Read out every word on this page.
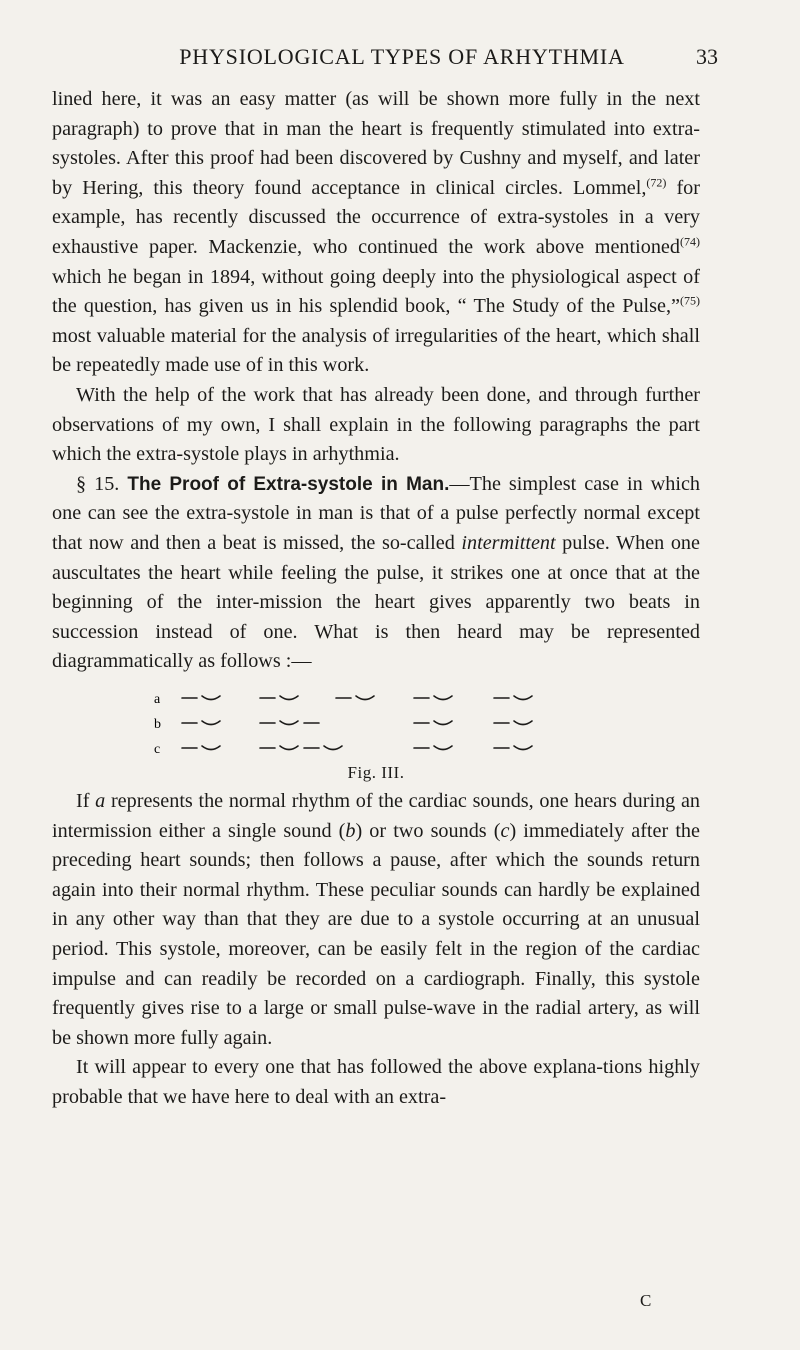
PHYSIOLOGICAL TYPES OF ARHYTHMIA	33

lined here, it was an easy matter (as will be shown more fully in the next paragraph) to prove that in man the heart is frequently stimulated into extra-systoles. After this proof had been discovered by Cushny and myself, and later by Hering, this theory found acceptance in clinical circles. Lommel,$^{(72)}$ for example, has recently discussed the occurrence of extra-systoles in a very exhaustive paper. Mackenzie, who continued the work above mentioned$^{(74)}$ which he began in 1894, without going deeply into the physiological aspect of the question, has given us in his splendid book, “ The Study of the Pulse,”$^{(75)}$ most valuable material for the analysis of irregularities of the heart, which shall be repeatedly made use of in this work.

With the help of the work that has already been done, and through further observations of my own, I shall explain in the following paragraphs the part which the extra-systole plays in arhythmia.

§ 15. The Proof of Extra-systole in Man.—The simplest case in which one can see the extra-systole in man is that of a pulse perfectly normal except that now and then a beat is missed, the so-called intermittent pulse. When one auscultates the heart while feeling the pulse, it strikes one at once that at the beginning of the inter-mission the heart gives apparently two beats in succession instead of one. What is then heard may be represented diagrammatically as follows :—

a
b
c
Fig. III.

If a represents the normal rhythm of the cardiac sounds, one hears during an intermission either a single sound (b) or two sounds (c) immediately after the preceding heart sounds; then follows a pause, after which the sounds return again into their normal rhythm. These peculiar sounds can hardly be explained in any other way than that they are due to a systole occurring at an unusual period. This systole, moreover, can be easily felt in the region of the cardiac impulse and can readily be recorded on a cardiograph. Finally, this systole frequently gives rise to a large or small pulse-wave in the radial artery, as will be shown more fully again.

It will appear to every one that has followed the above explana-tions highly probable that we have here to deal with an extra-

C
